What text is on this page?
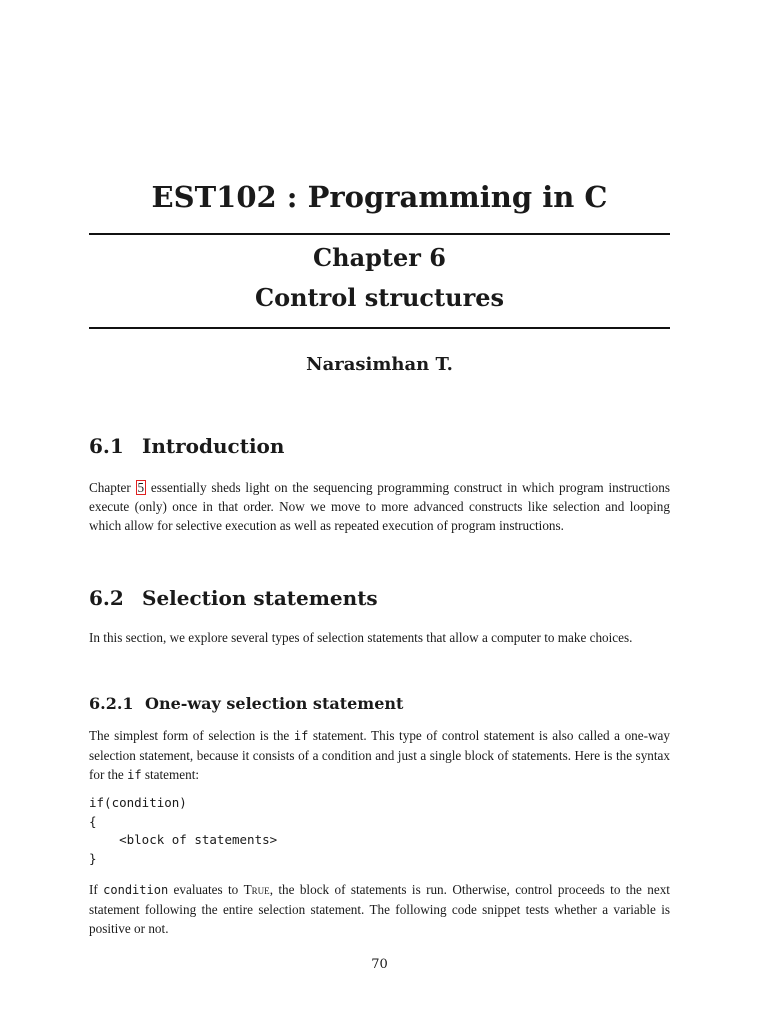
EST102 : Programming in C
Chapter 6
Control structures
Narasimhan T.
6.1 Introduction
Chapter 5 essentially sheds light on the sequencing programming construct in which program instructions execute (only) once in that order. Now we move to more advanced constructs like selection and looping which allow for selective execution as well as repeated execution of program instructions.
6.2 Selection statements
In this section, we explore several types of selection statements that allow a computer to make choices.
6.2.1 One-way selection statement
The simplest form of selection is the if statement. This type of control statement is also called a one-way selection statement, because it consists of a condition and just a single block of statements. Here is the syntax for the if statement:
if(condition)
{
<block of statements>
}
If condition evaluates to True, the block of statements is run. Otherwise, control proceeds to the next statement following the entire selection statement. The following code snippet tests whether a variable is positive or not.
70
